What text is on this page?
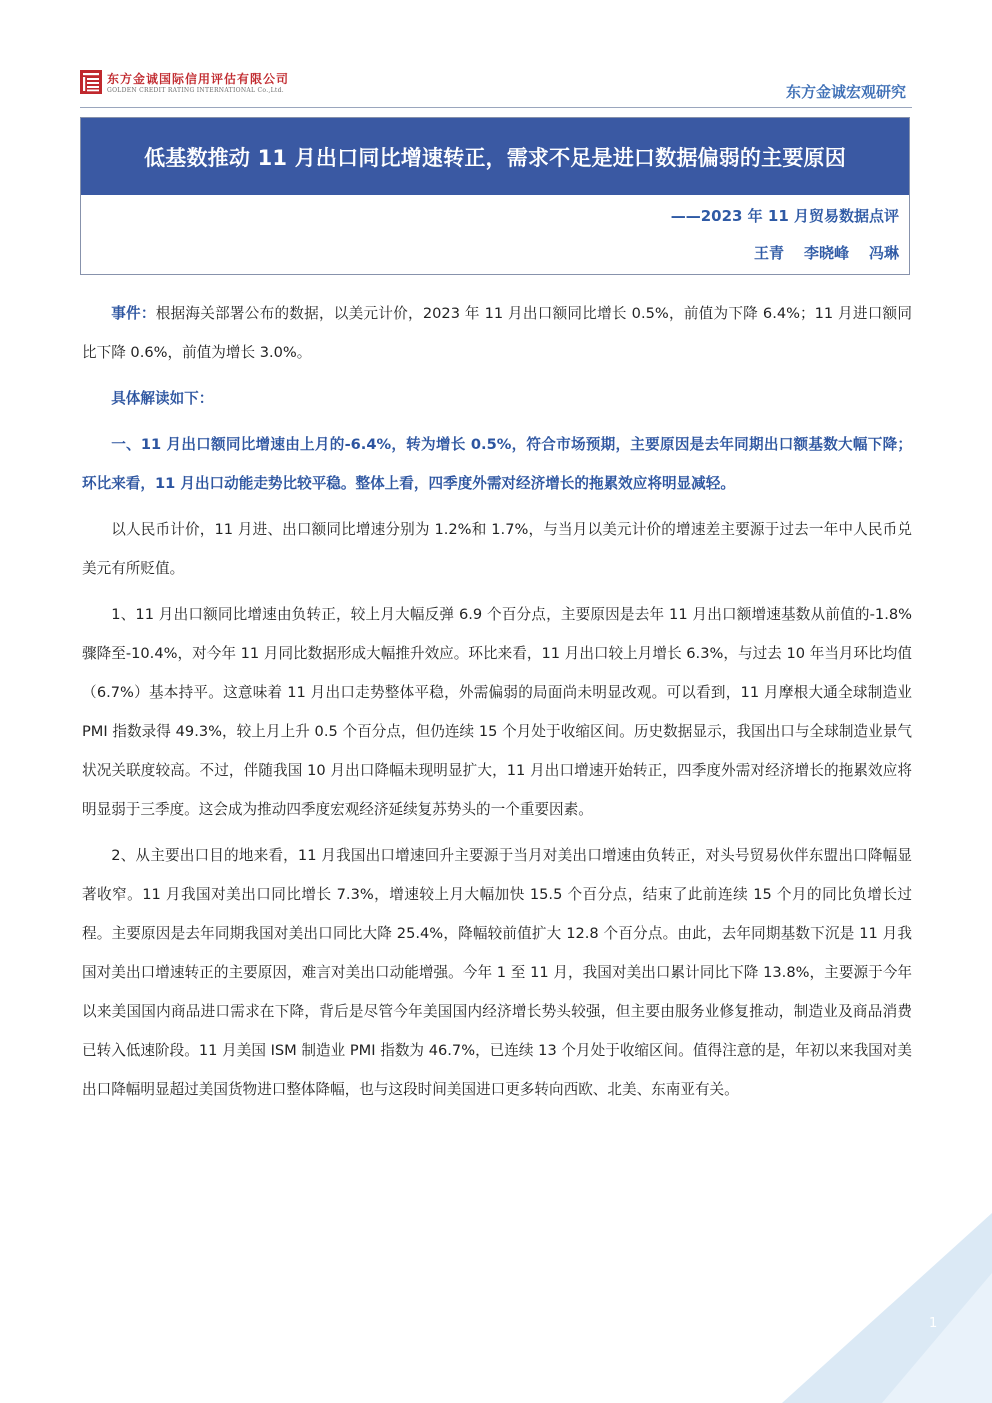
东方金诚国际信用评估有限公司
GOLDEN CREDIT RATING INTERNATIONAL Co.,Ltd.	东方金诚宏观研究
低基数推动 11 月出口同比增速转正，需求不足是进口数据偏弱的主要原因
——2023 年 11 月贸易数据点评
王青 李晓峰 冯琳

事件：根据海关部署公布的数据，以美元计价，2023 年 11 月出口额同比增长 0.5%，前值为下降 6.4%；11 月进口额同比下降 0.6%，前值为增长 3.0%。

具体解读如下：

一、11 月出口额同比增速由上月的-6.4%，转为增长 0.5%，符合市场预期，主要原因是去年同期出口额基数大幅下降；环比来看，11 月出口动能走势比较平稳。整体上看，四季度外需对经济增长的拖累效应将明显减轻。

以人民币计价，11 月进、出口额同比增速分别为 1.2%和 1.7%，与当月以美元计价的增速差主要源于过去一年中人民币兑美元有所贬值。

1、11 月出口额同比增速由负转正，较上月大幅反弹 6.9 个百分点，主要原因是去年 11 月出口额增速基数从前值的-1.8%骤降至-10.4%，对今年 11 月同比数据形成大幅推升效应。环比来看，11 月出口较上月增长 6.3%，与过去 10 年当月环比均值（6.7%）基本持平。这意味着 11 月出口走势整体平稳，外需偏弱的局面尚未明显改观。可以看到，11 月摩根大通全球制造业 PMI 指数录得 49.3%，较上月上升 0.5 个百分点，但仍连续 15 个月处于收缩区间。历史数据显示，我国出口与全球制造业景气状况关联度较高。不过，伴随我国 10 月出口降幅未现明显扩大，11 月出口增速开始转正，四季度外需对经济增长的拖累效应将明显弱于三季度。这会成为推动四季度宏观经济延续复苏势头的一个重要因素。

2、从主要出口目的地来看，11 月我国出口增速回升主要源于当月对美出口增速由负转正，对头号贸易伙伴东盟出口降幅显著收窄。11 月我国对美出口同比增长 7.3%，增速较上月大幅加快 15.5 个百分点，结束了此前连续 15 个月的同比负增长过程。主要原因是去年同期我国对美出口同比大降 25.4%，降幅较前值扩大 12.8 个百分点。由此，去年同期基数下沉是 11 月我国对美出口增速转正的主要原因，难言对美出口动能增强。今年 1 至 11 月，我国对美出口累计同比下降 13.8%，主要源于今年以来美国国内商品进口需求在下降，背后是尽管今年美国国内经济增长势头较强，但主要由服务业修复推动，制造业及商品消费已转入低速阶段。11 月美国 ISM 制造业 PMI 指数为 46.7%，已连续 13 个月处于收缩区间。值得注意的是，年初以来我国对美出口降幅明显超过美国货物进口整体降幅，也与这段时间美国进口更多转向西欧、北美、东南亚有关。

1
